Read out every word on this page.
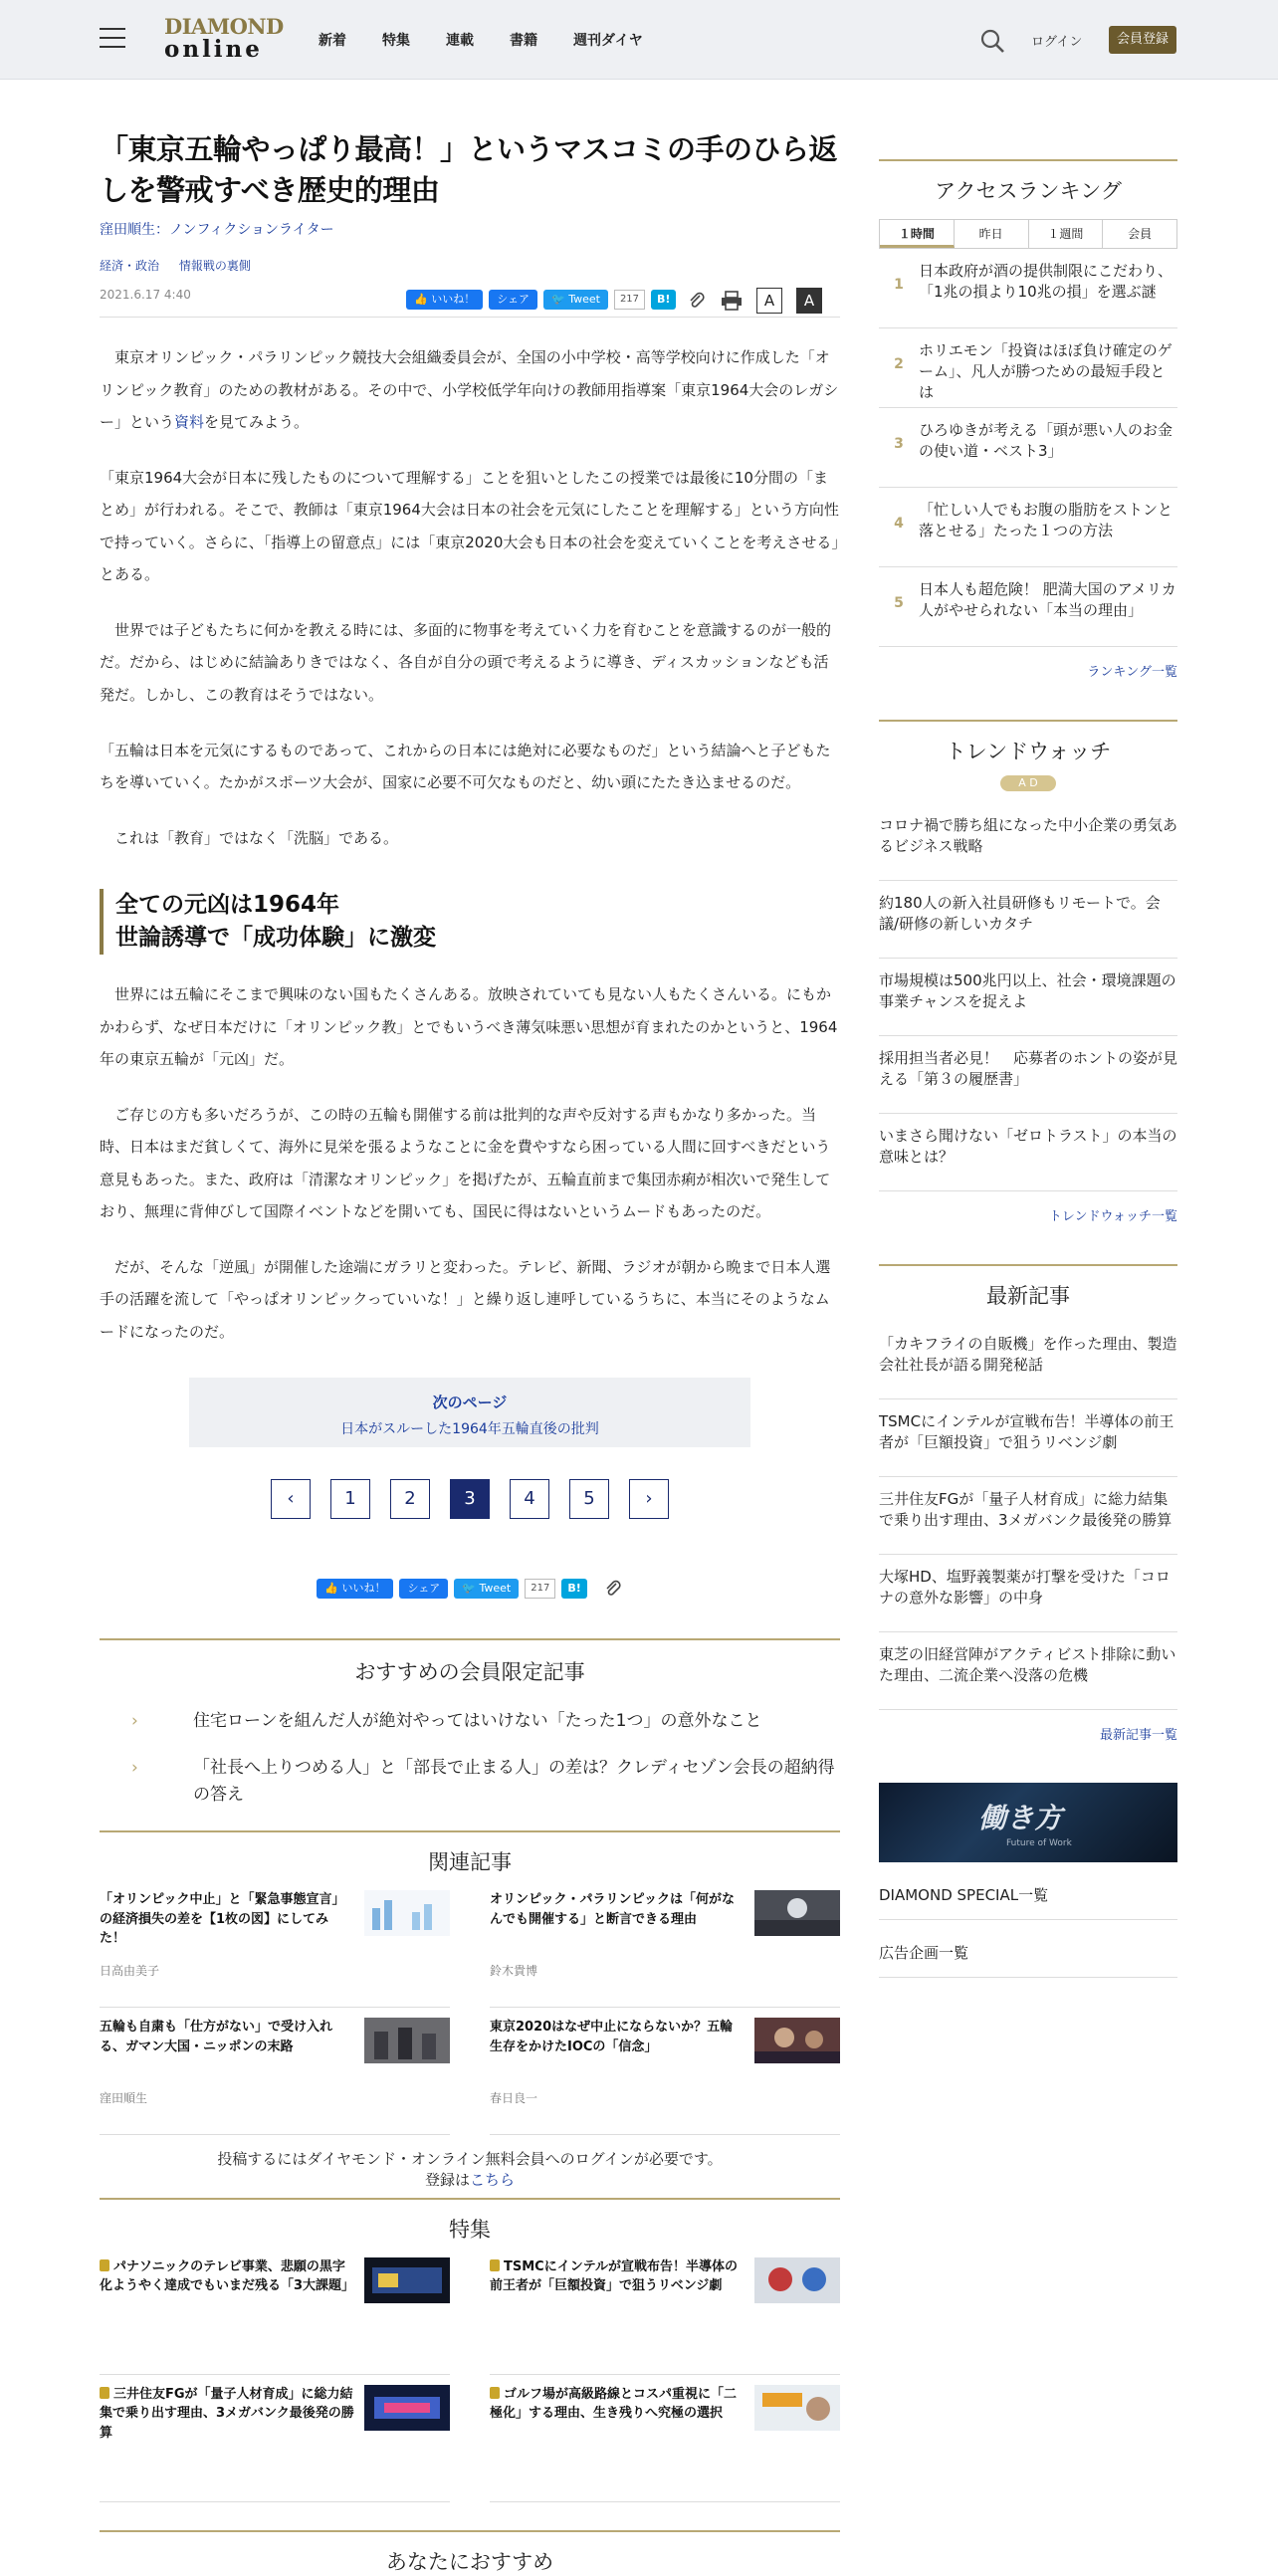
DIAMOND
online	新着	特集	連載	書籍	週刊ダイヤ	ログイン	会員登録
「東京五輪やっぱり最高！」というマスコミの手のひら返しを警戒すべき歴史的理由
窪田順生：ノンフィクションライター
経済・政治 情報戦の裏側
2021.6.17 4:40	👍 いいね！	シェア	🐦 Tweet	217	B!	A	A

東京オリンピック・パラリンピック競技大会組織委員会が、全国の小中学校・高等学校向けに作成した「オリンピック教育」のための教材がある。その中で、小学校低学年向けの教師用指導案「東京1964大会のレガシー」という資料を見てみよう。

「東京1964大会が日本に残したものについて理解する」ことを狙いとしたこの授業では最後に10分間の「まとめ」が行われる。そこで、教師は「東京1964大会は日本の社会を元気にしたことを理解する」という方向性で持っていく。さらに、「指導上の留意点」には「東京2020大会も日本の社会を変えていくことを考えさせる」とある。

世界では子どもたちに何かを教える時には、多面的に物事を考えていく力を育むことを意識するのが一般的だ。だから、はじめに結論ありきではなく、各自が自分の頭で考えるように導き、ディスカッションなども活発だ。しかし、この教育はそうではない。

「五輪は日本を元気にするものであって、これからの日本には絶対に必要なものだ」という結論へと子どもたちを導いていく。たかがスポーツ大会が、国家に必要不可欠なものだと、幼い頭にたたき込ませるのだ。

これは「教育」ではなく「洗脳」である。

全ての元凶は1964年
世論誘導で「成功体験」に激変

世界には五輪にそこまで興味のない国もたくさんある。放映されていても見ない人もたくさんいる。にもかかわらず、なぜ日本だけに「オリンピック教」とでもいうべき薄気味悪い思想が育まれたのかというと、1964年の東京五輪が「元凶」だ。

ご存じの方も多いだろうが、この時の五輪も開催する前は批判的な声や反対する声もかなり多かった。当時、日本はまだ貧しくて、海外に見栄を張るようなことに金を費やすなら困っている人間に回すべきだという意見もあった。また、政府は「清潔なオリンピック」を掲げたが、五輪直前まで集団赤痢が相次いで発生しており、無理に背伸びして国際イベントなどを開いても、国民に得はないというムードもあったのだ。

だが、そんな「逆風」が開催した途端にガラリと変わった。テレビ、新聞、ラジオが朝から晩まで日本人選手の活躍を流して「やっぱオリンピックっていいな！」と繰り返し連呼しているうちに、本当にそのようなムードになったのだ。

次のページ
日本がスルーした1964年五輪直後の批判
‹	1	2	3	4	5	›
👍 いいね！	シェア	🐦 Tweet	217	B!
おすすめの会員限定記事
›	住宅ローンを組んだ人が絶対やってはいけない「たった1つ」の意外なこと
›	「社長へ上りつめる人」と「部長で止まる人」の差は？クレディセゾン会長の超納得の答え
関連記事
「オリンピック中止」と「緊急事態宣言」の経済損失の差を【1枚の図】にしてみた！
日高由美子
オリンピック・パラリンピックは「何がなんでも開催する」と断言できる理由
鈴木貴博
五輪も自粛も「仕方がない」で受け入れる、ガマン大国・ニッポンの末路
窪田順生
東京2020はなぜ中止にならないか？五輪生存をかけたIOCの「信念」
春日良一
投稿するにはダイヤモンド・オンライン無料会員へのログインが必要です。
登録はこちら
特集
パナソニックのテレビ事業、悲願の黒字化ようやく達成でもいまだ残る「3大課題」
TSMCにインテルが宣戦布告！半導体の前王者が「巨額投資」で狙うリベンジ劇
三井住友FGが「量子人材育成」に総力結集で乗り出す理由、3メガバンク最後発の勝算
ゴルフ場が高級路線とコスパ重視に「二極化」する理由、生き残りへ究極の選択
あなたにおすすめ
アクセスランキング
１時間	昨日	１週間	会員
1
日本政府が酒の提供制限にこだわり、「1兆の損より10兆の損」を選ぶ謎
2
ホリエモン「投資はほぼ負け確定のゲーム」、凡人が勝つための最短手段とは
3
ひろゆきが考える「頭が悪い人のお金の使い道・ベスト3」
4
「忙しい人でもお腹の脂肪をストンと落とせる」たった１つの方法
5
日本人も超危険！ 肥満大国のアメリカ人がやせられない「本当の理由」
ランキング一覧
トレンドウォッチ
A D
コロナ禍で勝ち組になった中小企業の勇気あるビジネス戦略
約180人の新入社員研修もリモートで。会議/研修の新しいカタチ
市場規模は500兆円以上、社会・環境課題の事業チャンスを捉えよ
採用担当者必見！　応募者のホントの姿が見える「第３の履歴書」
いまさら聞けない「ゼロトラスト」の本当の意味とは？
トレンドウォッチ一覧
最新記事
「カキフライの自販機」を作った理由、製造会社社長が語る開発秘話
TSMCにインテルが宣戦布告！半導体の前王者が「巨額投資」で狙うリベンジ劇
三井住友FGが「量子人材育成」に総力結集で乗り出す理由、3メガバンク最後発の勝算
大塚HD、塩野義製薬が打撃を受けた「コロナの意外な影響」の中身
東芝の旧経営陣がアクティビスト排除に動いた理由、二流企業へ没落の危機
最新記事一覧
働き方
Future of Work
DIAMOND SPECIAL一覧
広告企画一覧
